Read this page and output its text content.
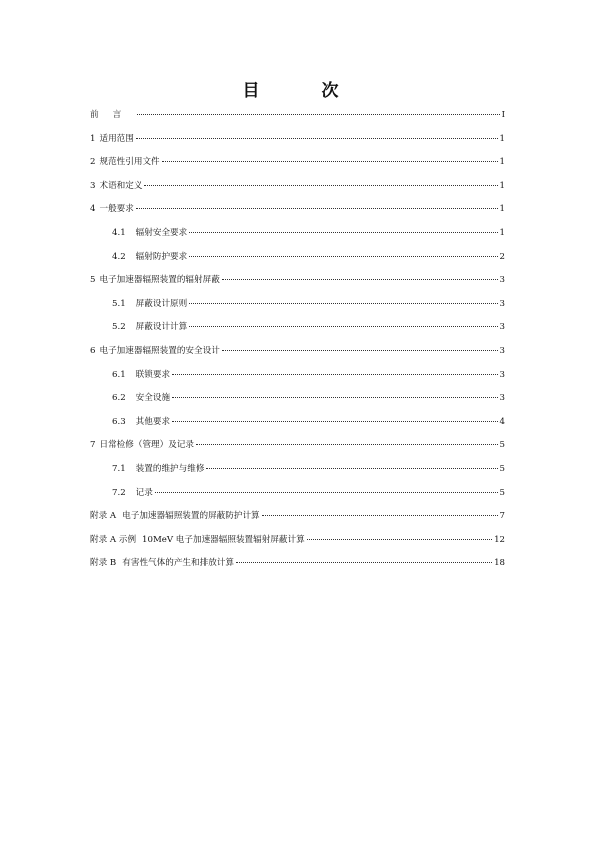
目 次
前言	I
1 适用范围	1
2 规范性引用文件	1
3 术语和定义	1
4 一般要求	1
4.1 辐射安全要求	1
4.2 辐射防护要求	2
5 电子加速器辐照装置的辐射屏蔽	3
5.1 屏蔽设计原则	3
5.2 屏蔽设计计算	3
6 电子加速器辐照装置的安全设计	3
6.1 联锁要求	3
6.2 安全设施	3
6.3 其他要求	4
7 日常检修（管理）及记录	5
7.1 装置的维护与维修	5
7.2 记录	5
附录 A 电子加速器辐照装置的屏蔽防护计算	7
附录 A 示例 10MeV 电子加速器辐照装置辐射屏蔽计算	12
附录 B 有害性气体的产生和排放计算	18
